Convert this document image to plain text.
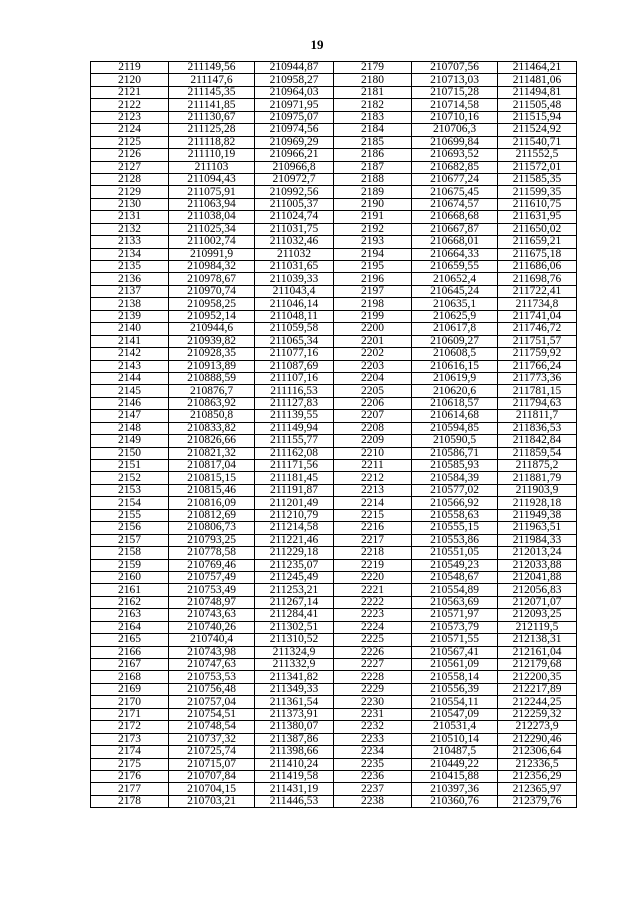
19
2119	211149,56	210944,87	2179	210707,56	211464,21
2120	211147,6	210958,27	2180	210713,03	211481,06
2121	211145,35	210964,03	2181	210715,28	211494,81
2122	211141,85	210971,95	2182	210714,58	211505,48
2123	211130,67	210975,07	2183	210710,16	211515,94
2124	211125,28	210974,56	2184	210706,3	211524,92
2125	211118,82	210969,29	2185	210699,84	211540,71
2126	211110,19	210966,21	2186	210693,52	211552,5
2127	211103	210966,8	2187	210682,85	211572,01
2128	211094,43	210972,7	2188	210677,24	211585,35
2129	211075,91	210992,56	2189	210675,45	211599,35
2130	211063,94	211005,37	2190	210674,57	211610,75
2131	211038,04	211024,74	2191	210668,68	211631,95
2132	211025,34	211031,75	2192	210667,87	211650,02
2133	211002,74	211032,46	2193	210668,01	211659,21
2134	210991,9	211032	2194	210664,33	211675,18
2135	210984,32	211031,65	2195	210659,55	211686,06
2136	210978,67	211039,33	2196	210652,4	211698,76
2137	210970,74	211043,4	2197	210645,24	211722,41
2138	210958,25	211046,14	2198	210635,1	211734,8
2139	210952,14	211048,11	2199	210625,9	211741,04
2140	210944,6	211059,58	2200	210617,8	211746,72
2141	210939,82	211065,34	2201	210609,27	211751,57
2142	210928,35	211077,16	2202	210608,5	211759,92
2143	210913,89	211087,69	2203	210616,15	211766,24
2144	210888,59	211107,16	2204	210619,9	211773,36
2145	210876,7	211116,53	2205	210620,6	211781,15
2146	210863,92	211127,83	2206	210618,57	211794,63
2147	210850,8	211139,55	2207	210614,68	211811,7
2148	210833,82	211149,94	2208	210594,85	211836,53
2149	210826,66	211155,77	2209	210590,5	211842,84
2150	210821,32	211162,08	2210	210586,71	211859,54
2151	210817,04	211171,56	2211	210585,93	211875,2
2152	210815,15	211181,45	2212	210584,39	211881,79
2153	210815,46	211191,87	2213	210577,02	211903,9
2154	210816,09	211201,49	2214	210566,92	211928,18
2155	210812,69	211210,79	2215	210558,63	211949,38
2156	210806,73	211214,58	2216	210555,15	211963,51
2157	210793,25	211221,46	2217	210553,86	211984,33
2158	210778,58	211229,18	2218	210551,05	212013,24
2159	210769,46	211235,07	2219	210549,23	212033,88
2160	210757,49	211245,49	2220	210548,67	212041,88
2161	210753,49	211253,21	2221	210554,89	212056,83
2162	210748,97	211267,14	2222	210563,69	212071,07
2163	210743,63	211284,41	2223	210571,97	212093,25
2164	210740,26	211302,51	2224	210573,79	212119,5
2165	210740,4	211310,52	2225	210571,55	212138,31
2166	210743,98	211324,9	2226	210567,41	212161,04
2167	210747,63	211332,9	2227	210561,09	212179,68
2168	210753,53	211341,82	2228	210558,14	212200,35
2169	210756,48	211349,33	2229	210556,39	212217,89
2170	210757,04	211361,54	2230	210554,11	212244,25
2171	210754,51	211373,91	2231	210547,09	212259,32
2172	210748,54	211380,07	2232	210531,4	212273,9
2173	210737,32	211387,86	2233	210510,14	212290,46
2174	210725,74	211398,66	2234	210487,5	212306,64
2175	210715,07	211410,24	2235	210449,22	212336,5
2176	210707,84	211419,58	2236	210415,88	212356,29
2177	210704,15	211431,19	2237	210397,36	212365,97
2178	210703,21	211446,53	2238	210360,76	212379,76
